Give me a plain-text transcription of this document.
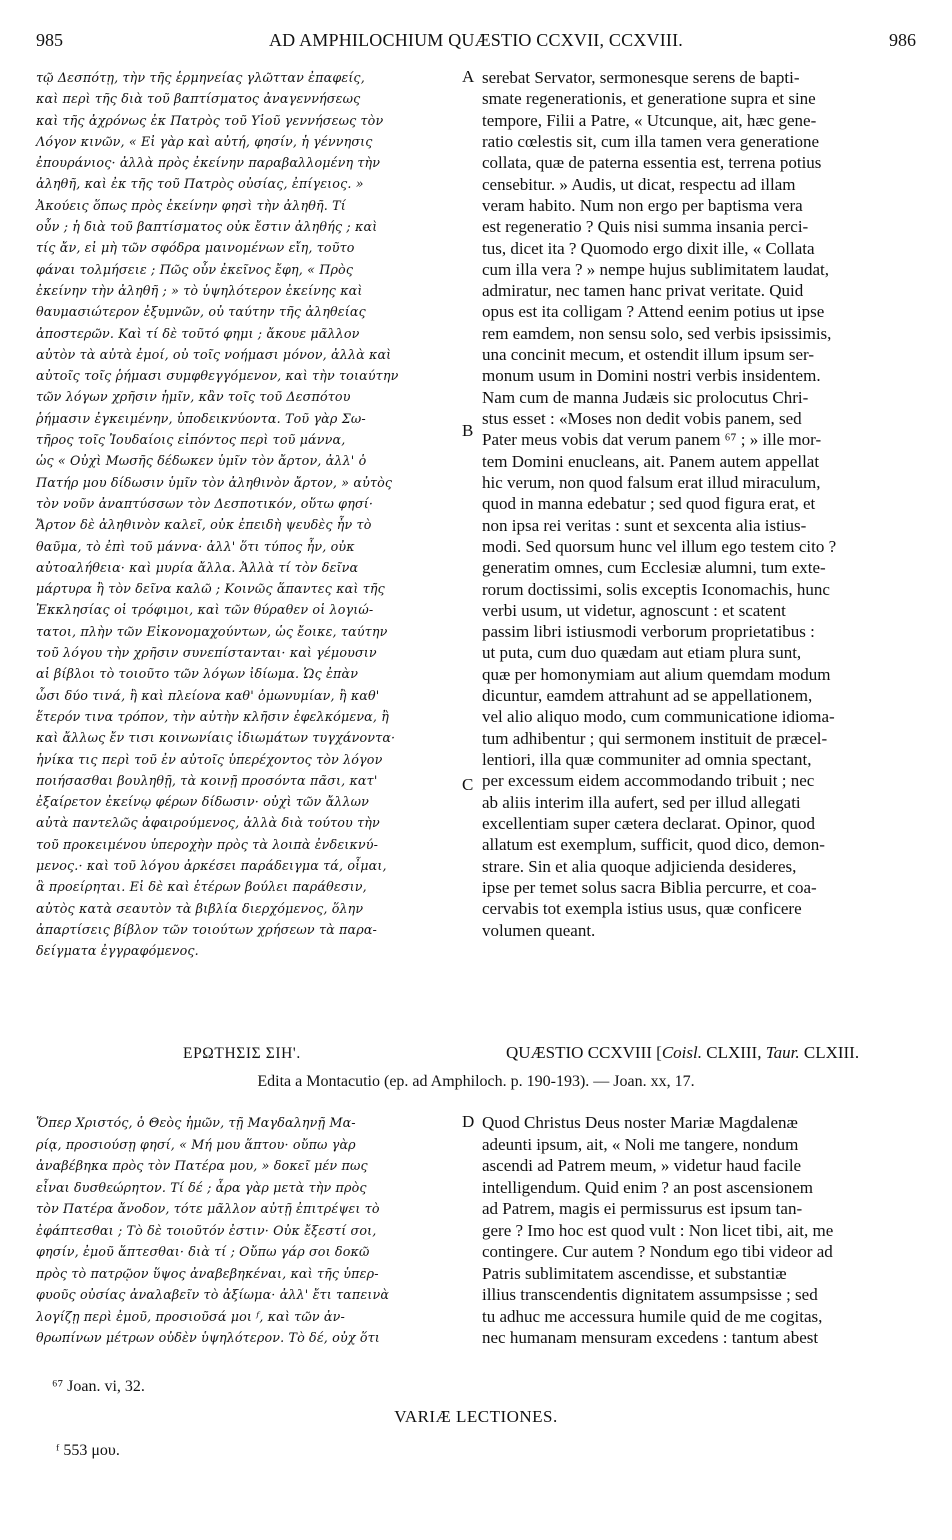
985	AD AMPHILOCHIUM QUÆSTIO CCXVII, CCXVIII.	986
τῷ Δεσπότῃ, τὴν τῆς ἑρμηνείας γλῶτταν ἐπαφείς,
καὶ περὶ τῆς διὰ τοῦ βαπτίσματος ἀναγεννήσεως
καὶ τῆς ἀχρόνως ἐκ Πατρὸς τοῦ Υἱοῦ γεννήσεως τὸν
Λόγον κινῶν, « Εἰ γὰρ καὶ αὐτή, φησίν, ἡ γέννησις
ἐπουράνιος· ἀλλὰ πρὸς ἐκείνην παραβαλλομένη τὴν
ἀληθῆ, καὶ ἐκ τῆς τοῦ Πατρὸς οὐσίας, ἐπίγειος. »
Ἀκούεις ὅπως πρὸς ἐκείνην φησὶ τὴν ἀληθῆ. Τί
οὖν ; ἡ διὰ τοῦ βαπτίσματος οὐκ ἔστιν ἀληθής ; καὶ
τίς ἄν, εἰ μὴ τῶν σφόδρα μαινομένων εἴη, τοῦτο
φάναι τολμήσειε ; Πῶς οὖν ἐκεῖνος ἔφη, « Πρὸς
ἐκείνην τὴν ἀληθῆ ; » τὸ ὑψηλότερον ἐκείνης καὶ
θαυμασιώτερον ἐξυμνῶν, οὐ ταύτην τῆς ἀληθείας
ἀποστερῶν. Καὶ τί δὲ τοῦτό φημι ; ἄκουε μᾶλλον
αὐτὸν τὰ αὐτὰ ἐμοί, οὐ τοῖς νοήμασι μόνον, ἀλλὰ καὶ
αὐτοῖς τοῖς ῥήμασι συμφθεγγόμενον, καὶ τὴν τοιαύτην
τῶν λόγων χρῆσιν ἡμῖν, κἂν τοῖς τοῦ Δεσπότου
ῥήμασιν ἐγκειμένην, ὑποδεικνύοντα. Τοῦ γὰρ Σω-
τῆρος τοῖς Ἰουδαίοις εἰπόντος περὶ τοῦ μάννα,
ὡς « Οὐχὶ Μωσῆς δέδωκεν ὑμῖν τὸν ἄρτον, ἀλλ' ὁ
Πατήρ μου δίδωσιν ὑμῖν τὸν ἀληθινὸν ἄρτον, » αὐτὸς
τὸν νοῦν ἀναπτύσσων τὸν Δεσποτικόν, οὕτω φησί·
Ἄρτον δὲ ἀληθινὸν καλεῖ, οὐκ ἐπειδὴ ψευδὲς ἦν τὸ
θαῦμα, τὸ ἐπὶ τοῦ μάννα· ἀλλ' ὅτι τύπος ἦν, οὐκ
αὐτοαλήθεια· καὶ μυρία ἄλλα. Ἀλλὰ τί τὸν δεῖνα
μάρτυρα ἢ τὸν δεῖνα καλῶ ; Κοινῶς ἅπαντες καὶ τῆς
Ἐκκλησίας οἱ τρόφιμοι, καὶ τῶν θύραθεν οἱ λογιώ-
τατοι, πλὴν τῶν Εἰκονομαχούντων, ὡς ἔοικε, ταύτην
τοῦ λόγου τὴν χρῆσιν συνεπίστανται· καὶ γέμουσιν
αἱ βίβλοι τὸ τοιοῦτο τῶν λόγων ἰδίωμα. Ὡς ἐπὰν
ὦσι δύο τινά, ἢ καὶ πλείονα καθ' ὁμωνυμίαν, ἢ καθ'
ἕτερόν τινα τρόπον, τὴν αὐτὴν κλῆσιν ἐφελκόμενα, ἢ
καὶ ἄλλως ἔν τισι κοινωνίαις ἰδιωμάτων τυγχάνοντα·
ἡνίκα τις περὶ τοῦ ἐν αὐτοῖς ὑπερέχοντος τὸν λόγον
ποιήσασθαι βουληθῇ, τὰ κοινῇ προσόντα πᾶσι, κατ'
ἐξαίρετον ἐκείνῳ φέρων δίδωσιν· οὐχὶ τῶν ἄλλων
αὐτὰ παντελῶς ἀφαιρούμενος, ἀλλὰ διὰ τούτου τὴν
τοῦ προκειμένου ὑπεροχὴν πρὸς τὰ λοιπὰ ἐνδεικνύ-
μενος.· καὶ τοῦ λόγου ἀρκέσει παράδειγμα τά, οἶμαι,
ἃ προείρηται. Εἰ δὲ καὶ ἑτέρων βούλει παράθεσιν,
αὐτὸς κατὰ σεαυτὸν τὰ βιβλία διερχόμενος, ὅλην
ἀπαρτίσεις βίβλον τῶν τοιούτων χρήσεων τὰ παρα-
δείγματα ἐγγραφόμενος.
serebat Servator, sermonesque serens de bapti-
smate regenerationis, et generatione supra et sine
tempore, Filii a Patre, « Utcunque, ait, hæc gene-
ratio cœlestis sit, cum illa tamen vera generatione
collata, quæ de paterna essentia est, terrena potius
censebitur. » Audis, ut dicat, respectu ad illam
veram habito. Num non ergo per baptisma vera
est regeneratio ? Quis nisi summa insania perci-
tus, dicet ita ? Quomodo ergo dixit ille, « Collata
cum illa vera ? » nempe hujus sublimitatem laudat,
admiratur, nec tamen hanc privat veritate. Quid
opus est ita colligam ? Attend eenim potius ut ipse
rem eamdem, non sensu solo, sed verbis ipsissimis,
una concinit mecum, et ostendit illum ipsum ser-
monum usum in Domini nostri verbis insidentem.
Nam cum de manna Judæis sic prolocutus Chri-
stus esset : «Moses non dedit vobis panem, sed
Pater meus vobis dat verum panem ⁶⁷ ; » ille mor-
tem Domini enucleans, ait. Panem autem appellat
hic verum, non quod falsum erat illud miraculum,
quod in manna edebatur ; sed quod figura erat, et
non ipsa rei veritas : sunt et sexcenta alia istius-
modi. Sed quorsum hunc vel illum ego testem cito ?
generatim omnes, cum Ecclesiæ alumni, tum exte-
rorum doctissimi, solis exceptis Iconomachis, hunc
verbi usum, ut videtur, agnoscunt : et scatent
passim libri istiusmodi verborum proprietatibus :
ut puta, cum duo quædam aut etiam plura sunt,
quæ per homonymiam aut alium quemdam modum
dicuntur, eamdem attrahunt ad se appellationem,
vel alio aliquo modo, cum communicatione idioma-
tum adhibentur ; qui sermonem instituit de præcel-
lentiori, illa quæ communiter ad omnia spectant,
per excessum eidem accommodando tribuit ; nec
ab aliis interim illa aufert, sed per illud allegati
excellentiam super cætera declarat. Opinor, quod
allatum est exemplum, sufficit, quod dico, demon-
strare. Sin et alia quoque adjicienda desideres,
ipse per temet solus sacra Biblia percurre, et coa-
cervabis tot exempla istius usus, quæ conficere
volumen queant.
A
B
C
D
ΕΡΩΤΗΣΙΣ ΣΙΗ'.	QUÆSTIO CCXVIII [Coisl. CLXIII, Taur. CLXIII.
Edita a Montacutio (ep. ad Amphiloch. p. 190-193). — Joan. xx, 17.
Ὅπερ Χριστός, ὁ Θεὸς ἡμῶν, τῇ Μαγδαληνῇ Μα-
ρίᾳ, προσιούσῃ φησί, « Μή μου ἅπτου· οὔπω γὰρ
ἀναβέβηκα πρὸς τὸν Πατέρα μου, » δοκεῖ μέν πως
εἶναι δυσθεώρητον. Τί δέ ; ἆρα γὰρ μετὰ τὴν πρὸς
τὸν Πατέρα ἄνοδον, τότε μᾶλλον αὐτῇ ἐπιτρέψει τὸ
ἐφάπτεσθαι ; Τὸ δὲ τοιοῦτόν ἐστιν· Οὐκ ἔξεστί σοι,
φησίν, ἐμοῦ ἅπτεσθαι· διὰ τί ; Οὔπω γάρ σοι δοκῶ
πρὸς τὸ πατρῷον ὕψος ἀναβεβηκέναι, καὶ τῆς ὑπερ-
φυοῦς οὐσίας ἀναλαβεῖν τὸ ἀξίωμα· ἀλλ' ἔτι ταπεινὰ
λογίζῃ περὶ ἐμοῦ, προσιοῦσά μοι ᶠ, καὶ τῶν ἀν-
θρωπίνων μέτρων οὐδὲν ὑψηλότερον. Τὸ δέ, οὐχ ὅτι
Quod Christus Deus noster Mariæ Magdalenæ
adeunti ipsum, ait, « Noli me tangere, nondum
ascendi ad Patrem meum, » videtur haud facile
intelligendum. Quid enim ? an post ascensionem
ad Patrem, magis ei permissurus est ipsum tan-
gere ? Imo hoc est quod vult : Non licet tibi, ait, me
contingere. Cur autem ? Nondum ego tibi videor ad
Patris sublimitatem ascendisse, et substantiæ
illius transcendentis dignitatem assumpsisse ; sed
tu adhuc me accessura humile quid de me cogitas,
nec humanam mensuram excedens : tantum abest
⁶⁷ Joan. vi, 32.
VARIÆ LECTIONES.
ᶠ 553 μου.
